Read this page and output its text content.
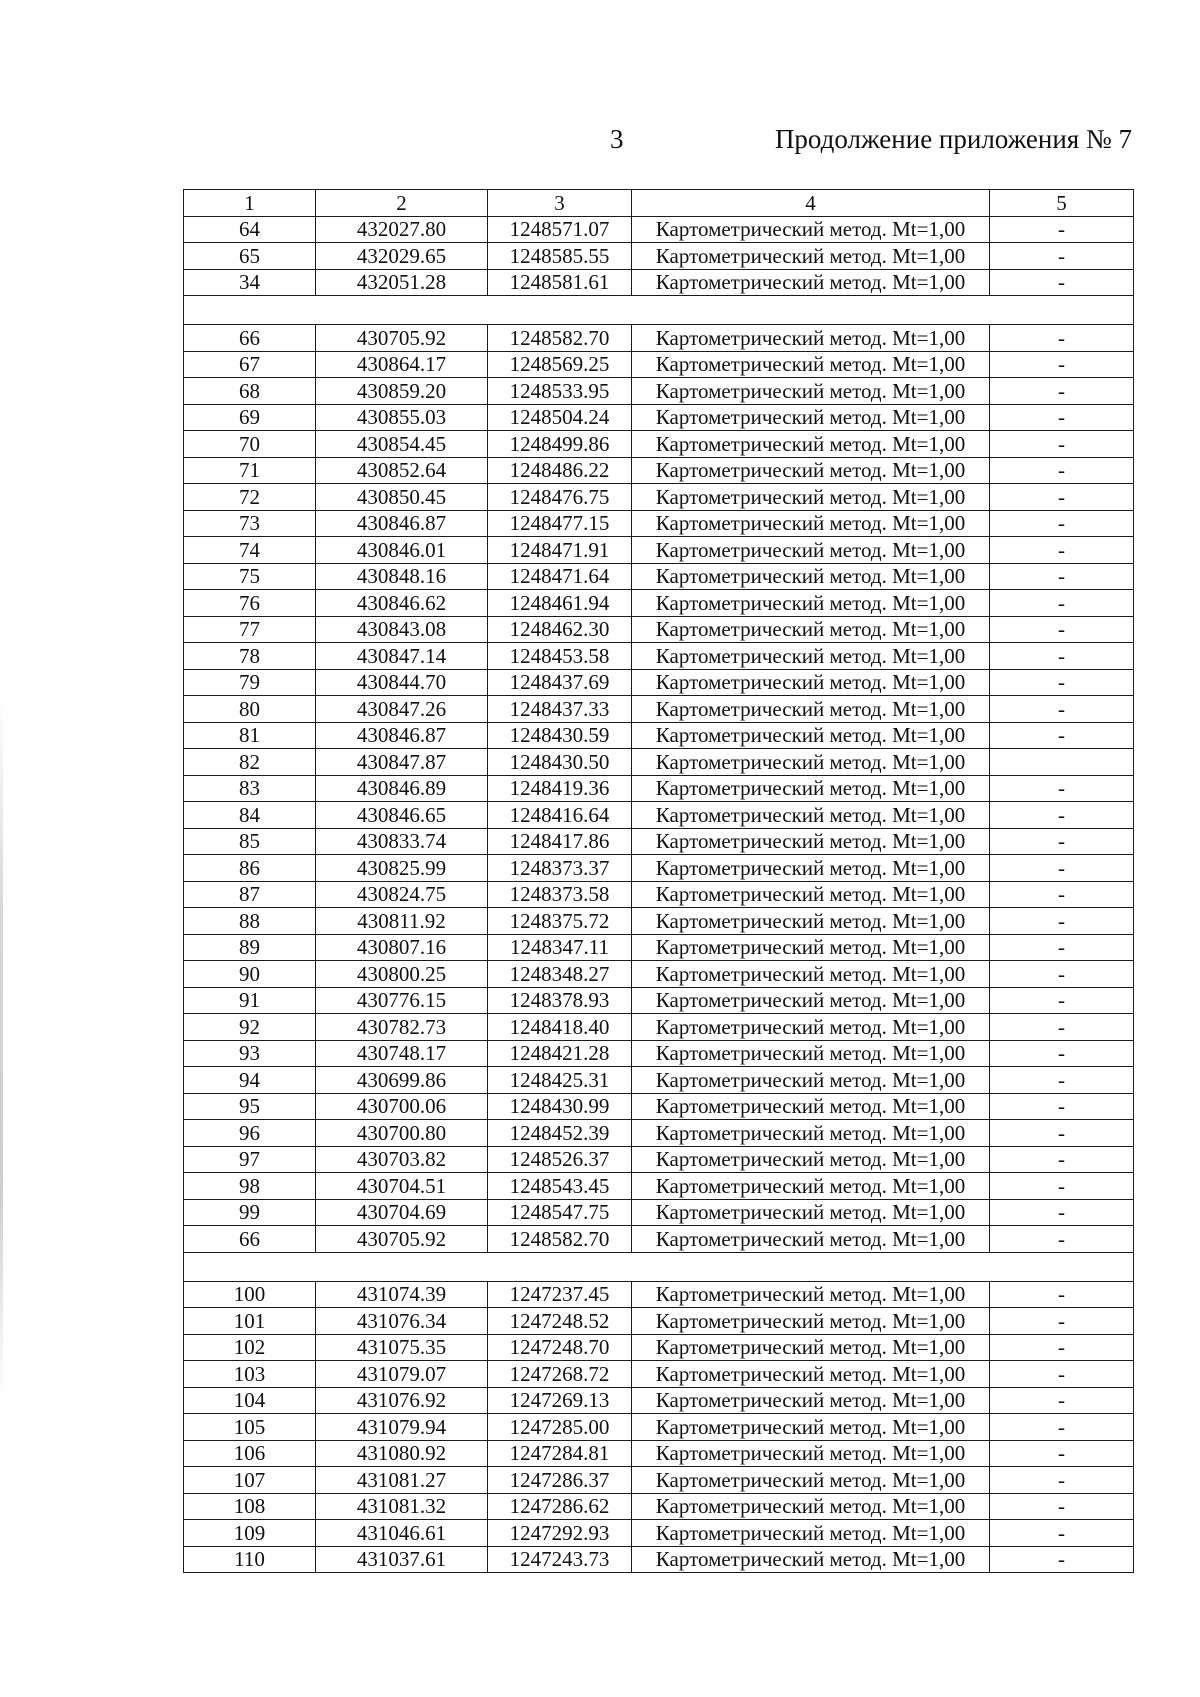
3	Продолжение приложения № 7
1	2	3	4	5
64	432027.80	1248571.07	Картометрический метод. Mt=1,00	-
65	432029.65	1248585.55	Картометрический метод. Mt=1,00	-
34	432051.28	1248581.61	Картометрический метод. Mt=1,00	-

66	430705.92	1248582.70	Картометрический метод. Mt=1,00	-
67	430864.17	1248569.25	Картометрический метод. Mt=1,00	-
68	430859.20	1248533.95	Картометрический метод. Mt=1,00	-
69	430855.03	1248504.24	Картометрический метод. Mt=1,00	-
70	430854.45	1248499.86	Картометрический метод. Mt=1,00	-
71	430852.64	1248486.22	Картометрический метод. Mt=1,00	-
72	430850.45	1248476.75	Картометрический метод. Mt=1,00	-
73	430846.87	1248477.15	Картометрический метод. Mt=1,00	-
74	430846.01	1248471.91	Картометрический метод. Mt=1,00	-
75	430848.16	1248471.64	Картометрический метод. Mt=1,00	-
76	430846.62	1248461.94	Картометрический метод. Mt=1,00	-
77	430843.08	1248462.30	Картометрический метод. Mt=1,00	-
78	430847.14	1248453.58	Картометрический метод. Mt=1,00	-
79	430844.70	1248437.69	Картометрический метод. Mt=1,00	-
80	430847.26	1248437.33	Картометрический метод. Mt=1,00	-
81	430846.87	1248430.59	Картометрический метод. Mt=1,00	-
82	430847.87	1248430.50	Картометрический метод. Mt=1,00	
83	430846.89	1248419.36	Картометрический метод. Mt=1,00	-
84	430846.65	1248416.64	Картометрический метод. Mt=1,00	-
85	430833.74	1248417.86	Картометрический метод. Mt=1,00	-
86	430825.99	1248373.37	Картометрический метод. Mt=1,00	-
87	430824.75	1248373.58	Картометрический метод. Mt=1,00	-
88	430811.92	1248375.72	Картометрический метод. Mt=1,00	-
89	430807.16	1248347.11	Картометрический метод. Mt=1,00	-
90	430800.25	1248348.27	Картометрический метод. Mt=1,00	-
91	430776.15	1248378.93	Картометрический метод. Mt=1,00	-
92	430782.73	1248418.40	Картометрический метод. Mt=1,00	-
93	430748.17	1248421.28	Картометрический метод. Mt=1,00	-
94	430699.86	1248425.31	Картометрический метод. Mt=1,00	-
95	430700.06	1248430.99	Картометрический метод. Mt=1,00	-
96	430700.80	1248452.39	Картометрический метод. Mt=1,00	-
97	430703.82	1248526.37	Картометрический метод. Mt=1,00	-
98	430704.51	1248543.45	Картометрический метод. Mt=1,00	-
99	430704.69	1248547.75	Картометрический метод. Mt=1,00	-
66	430705.92	1248582.70	Картометрический метод. Mt=1,00	-

100	431074.39	1247237.45	Картометрический метод. Mt=1,00	-
101	431076.34	1247248.52	Картометрический метод. Mt=1,00	-
102	431075.35	1247248.70	Картометрический метод. Mt=1,00	-
103	431079.07	1247268.72	Картометрический метод. Mt=1,00	-
104	431076.92	1247269.13	Картометрический метод. Mt=1,00	-
105	431079.94	1247285.00	Картометрический метод. Mt=1,00	-
106	431080.92	1247284.81	Картометрический метод. Mt=1,00	-
107	431081.27	1247286.37	Картометрический метод. Mt=1,00	-
108	431081.32	1247286.62	Картометрический метод. Mt=1,00	-
109	431046.61	1247292.93	Картометрический метод. Mt=1,00	-
110	431037.61	1247243.73	Картометрический метод. Mt=1,00	-
